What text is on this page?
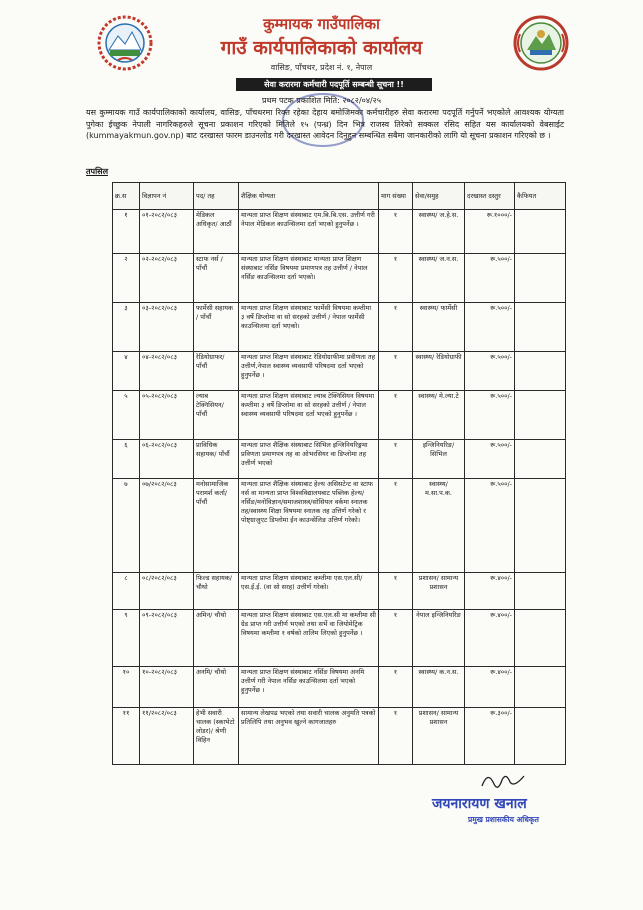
कुम्मायक गाउँपालिका
गाउँ कार्यपालिकाको कार्यालय
वासिङ, पाँचथर, प्रदेश नं. १, नेपाल
सेवा करारमा कर्मचारी पदपूर्ति सम्बन्धी सूचना !!
प्रथम पटक प्रकाशित मिति: २०८२/०४/२५
यस कुम्मायक गाउँ कार्यपालिकाको कार्यालय, वासिङ, पाँचथरमा रिक्त रहेका देहाय बमोजिमका कर्मचारीहरु सेवा करारमा पदपूर्ति गर्नुपर्ने भएकोले आवश्यक योग्यता पुगेका ईच्छुक नेपाली नागरिकहरुले सूचना प्रकाशन गरिएको मितिले १५ (पन्ध्र) दिन भित्र राजस्व तिरेको सक्कल रसिद सहित यस कार्यालयको वेबसाईट (kummayakmun.gov.np) बाट दरखास्त फारम डाउनलोड गरी दरखास्त आवेदन दिनुहुन सम्बन्धित सबैमा जानकारीको लागि यो सूचना प्रकाशन गरिएको छ ।
तपसिल
क्र.स	विज्ञापन नं	पद/ तह	शैक्षिक योग्यता	माग संख्या	सेवा/समुह	दरखास्त दस्तुर	कैफियत
१	०१-२०८२/०८३	मेडिकल अधिकृत/ आठौं	मान्यता प्राप्त शिक्षण संस्थाबाट एम.बि.बि.एस. उत्तीर्ण गरी नेपाल मेडिकल काउन्सिलमा दर्ता भएको हुनुपर्नेछ ।	१	स्वास्थ्य/ ज.हे.स.	रू.१०००/-	
२	०२-२०८२/०८३	स्टाफ नर्स / पाँचौं	मान्यता प्राप्त शिक्षण संस्थाबाट मान्यता प्राप्त शिक्षण संस्थाबाट नर्सिङ विषयमा प्रमाणपत्र तह उत्तीर्ण / नेपाल नर्सिङ काउन्सिलमा दर्ता भएको।	१	स्वास्थ्य/ ज.न.स.	रू.५००/-	
३	०३-२०८२/०८३	फार्मेसी सहायक / पाँचौं	मान्यता प्राप्त शिक्षण संस्थाबाट फार्मेसी विषयमा कम्तीमा ३ वर्षे डिप्लोमा वा सो सरहको उत्तीर्ण / नेपाल फार्मेसी काउन्सिलमा दर्ता भएको।	१	स्वास्थ्य/ फार्मेसी	रू.५००/-	
४	०४-२०८२/०८३	रेडियोग्राफर/ पाँचौं	मान्यता प्राप्त शिक्षण संस्थाबाट रेडियोग्राफीमा प्रवीणता तह उत्तीर्ण,नेपाल स्वास्थ्य व्यवसायी परिषदमा दर्ता भएको हुनुपर्नेछ ।	१	स्वास्थ्य/ रेडियोग्राफी	रू.५००/-	
५	०५-२०८२/०८३	ल्याब टेक्निसियन/ पाँचौं	मान्यता प्राप्त शिक्षण संस्थाबाट ल्याब टेक्निसियन विषयमा कम्तीमा ३ वर्षे डिप्लोमा वा सो सरहको उत्तीर्ण / नेपाल स्वास्थ्य व्यवसायी परिषदमा दर्ता भएको हुनुपर्नेछ ।	१	स्वास्थ्य/ मे.ल्या.टे	रू.५००/-	
६	०६-२०८२/०८३	प्राविधिक सहायक/ पाँचौं	मान्यता प्राप्त शैक्षिक संस्थाबाट सिभिल इन्जिनियरिङ्गमा प्रविणता प्रमाणपत्र तह वा ओभरसियर वा डिप्लोमा तह उत्तीर्ण भएको	१	इन्जिनियरिङ/ सिभिल	रू.५००/-	
७	०७/२०८२/०८३	मनोसामाजिक परामर्श कर्ता/ पाँचौं	मान्यता प्राप्त शैक्षिक संस्थाबाट हेल्थ असिसटेन्ट वा स्टाफ नर्स वा मान्यता प्राप्त विश्वविद्यालयबाट पब्लिक हेल्थ/नर्सिङ/मनोविज्ञान/समाजशास्त्र/सोसियल वर्कमा स्नातक तह/स्वास्थ्य शिक्षा विषयमा स्नातक तह उत्तिर्ण गरेको र पोष्ट्ग्राजुएट डिप्लोमा ईन काउन्सेलिङ उत्तिर्ण गरेको।	१	स्वास्थ्य/ म.सा.प.क.	रू.५००/-	
८	०८/२०८२/०८३	फिल्ड सहायक/चौथो	मान्यता प्राप्त शिक्षण संस्थाबाट कम्तीमा एस.एल.सी/एस.ई.ई. (वा सो सरह) उत्तीर्ण गरेको।	१	प्रशासन/ सामान्य प्रशासन	रू.४००/-	
९	०९-२०८२/०८३	अमिन/ चौथो	मान्यता प्राप्त शिक्षण संस्थाबाट एस.एल.सी मा कम्तीमा सी ग्रेड प्राप्त गरी उत्तीर्ण भएको तथा सर्भे वा जियोमेट्रिक विषयमा कम्तीमा १ वर्षको तालिम लिएको हुनुपर्नेछ ।	१	नेपाल इन्जिनियरिङ	रू.४००/-	
१०	१०-२०८२/०८३	अनमि/ चौथो	मान्यता प्राप्त शिक्षण संस्थाबाट नर्सिङ विषयमा अनमि उत्तीर्ण गरी नेपाल नर्सिङ काउन्सिलमा दर्ता भएको हुनुपर्नेछ ।	१	स्वास्थ्य/ क.न.स.	रू.४००/-	
११	११/२०८२/०८३	हेभी सवारी चालक (स्काभेटो लोडर)/ श्रेणी विहिन	सामान्य लेखपढ भएको तथा सवारी चालक अनुमति पत्रको प्रतिलिपि तथा अनुभव खुल्ने कागजातहरु	१	प्रशासन/ सामान्य प्रशासन	रू.३००/-	
जयनारायण खनाल
प्रमुख प्रशासकीय अधिकृत
